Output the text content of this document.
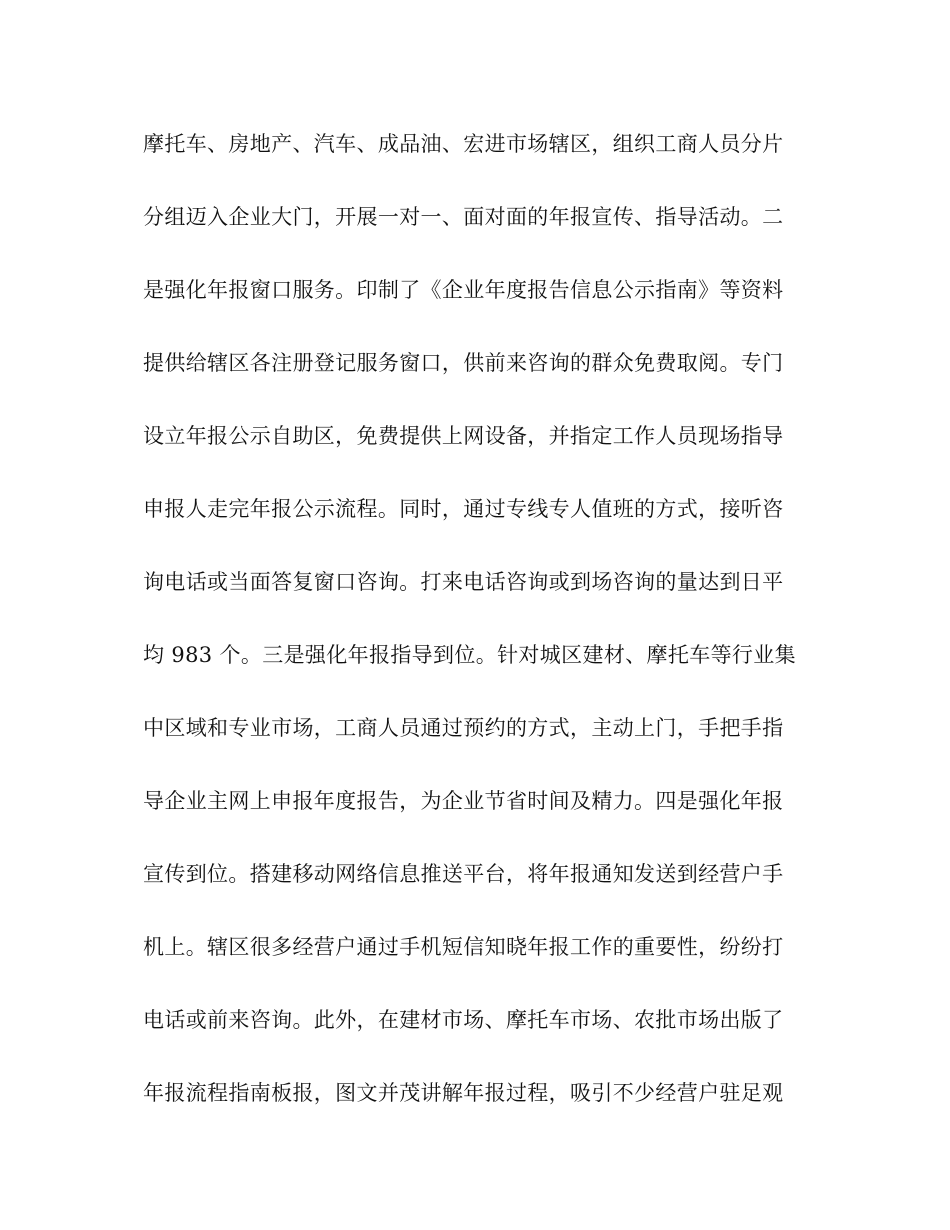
摩托车、房地产、汽车、成品油、宏进市场辖区，组织工商人员分片
分组迈入企业大门，开展一对一、面对面的年报宣传、指导活动。二
是强化年报窗口服务。印制了《企业年度报告信息公示指南》等资料
提供给辖区各注册登记服务窗口，供前来咨询的群众免费取阅。专门
设立年报公示自助区，免费提供上网设备，并指定工作人员现场指导
申报人走完年报公示流程。同时，通过专线专人值班的方式，接听咨
询电话或当面答复窗口咨询。打来电话咨询或到场咨询的量达到日平
均 983 个。三是强化年报指导到位。针对城区建材、摩托车等行业集
中区域和专业市场，工商人员通过预约的方式，主动上门，手把手指
导企业主网上申报年度报告，为企业节省时间及精力。四是强化年报
宣传到位。搭建移动网络信息推送平台，将年报通知发送到经营户手
机上。辖区很多经营户通过手机短信知晓年报工作的重要性，纷纷打
电话或前来咨询。此外，在建材市场、摩托车市场、农批市场出版了
年报流程指南板报，图文并茂讲解年报过程，吸引不少经营户驻足观
